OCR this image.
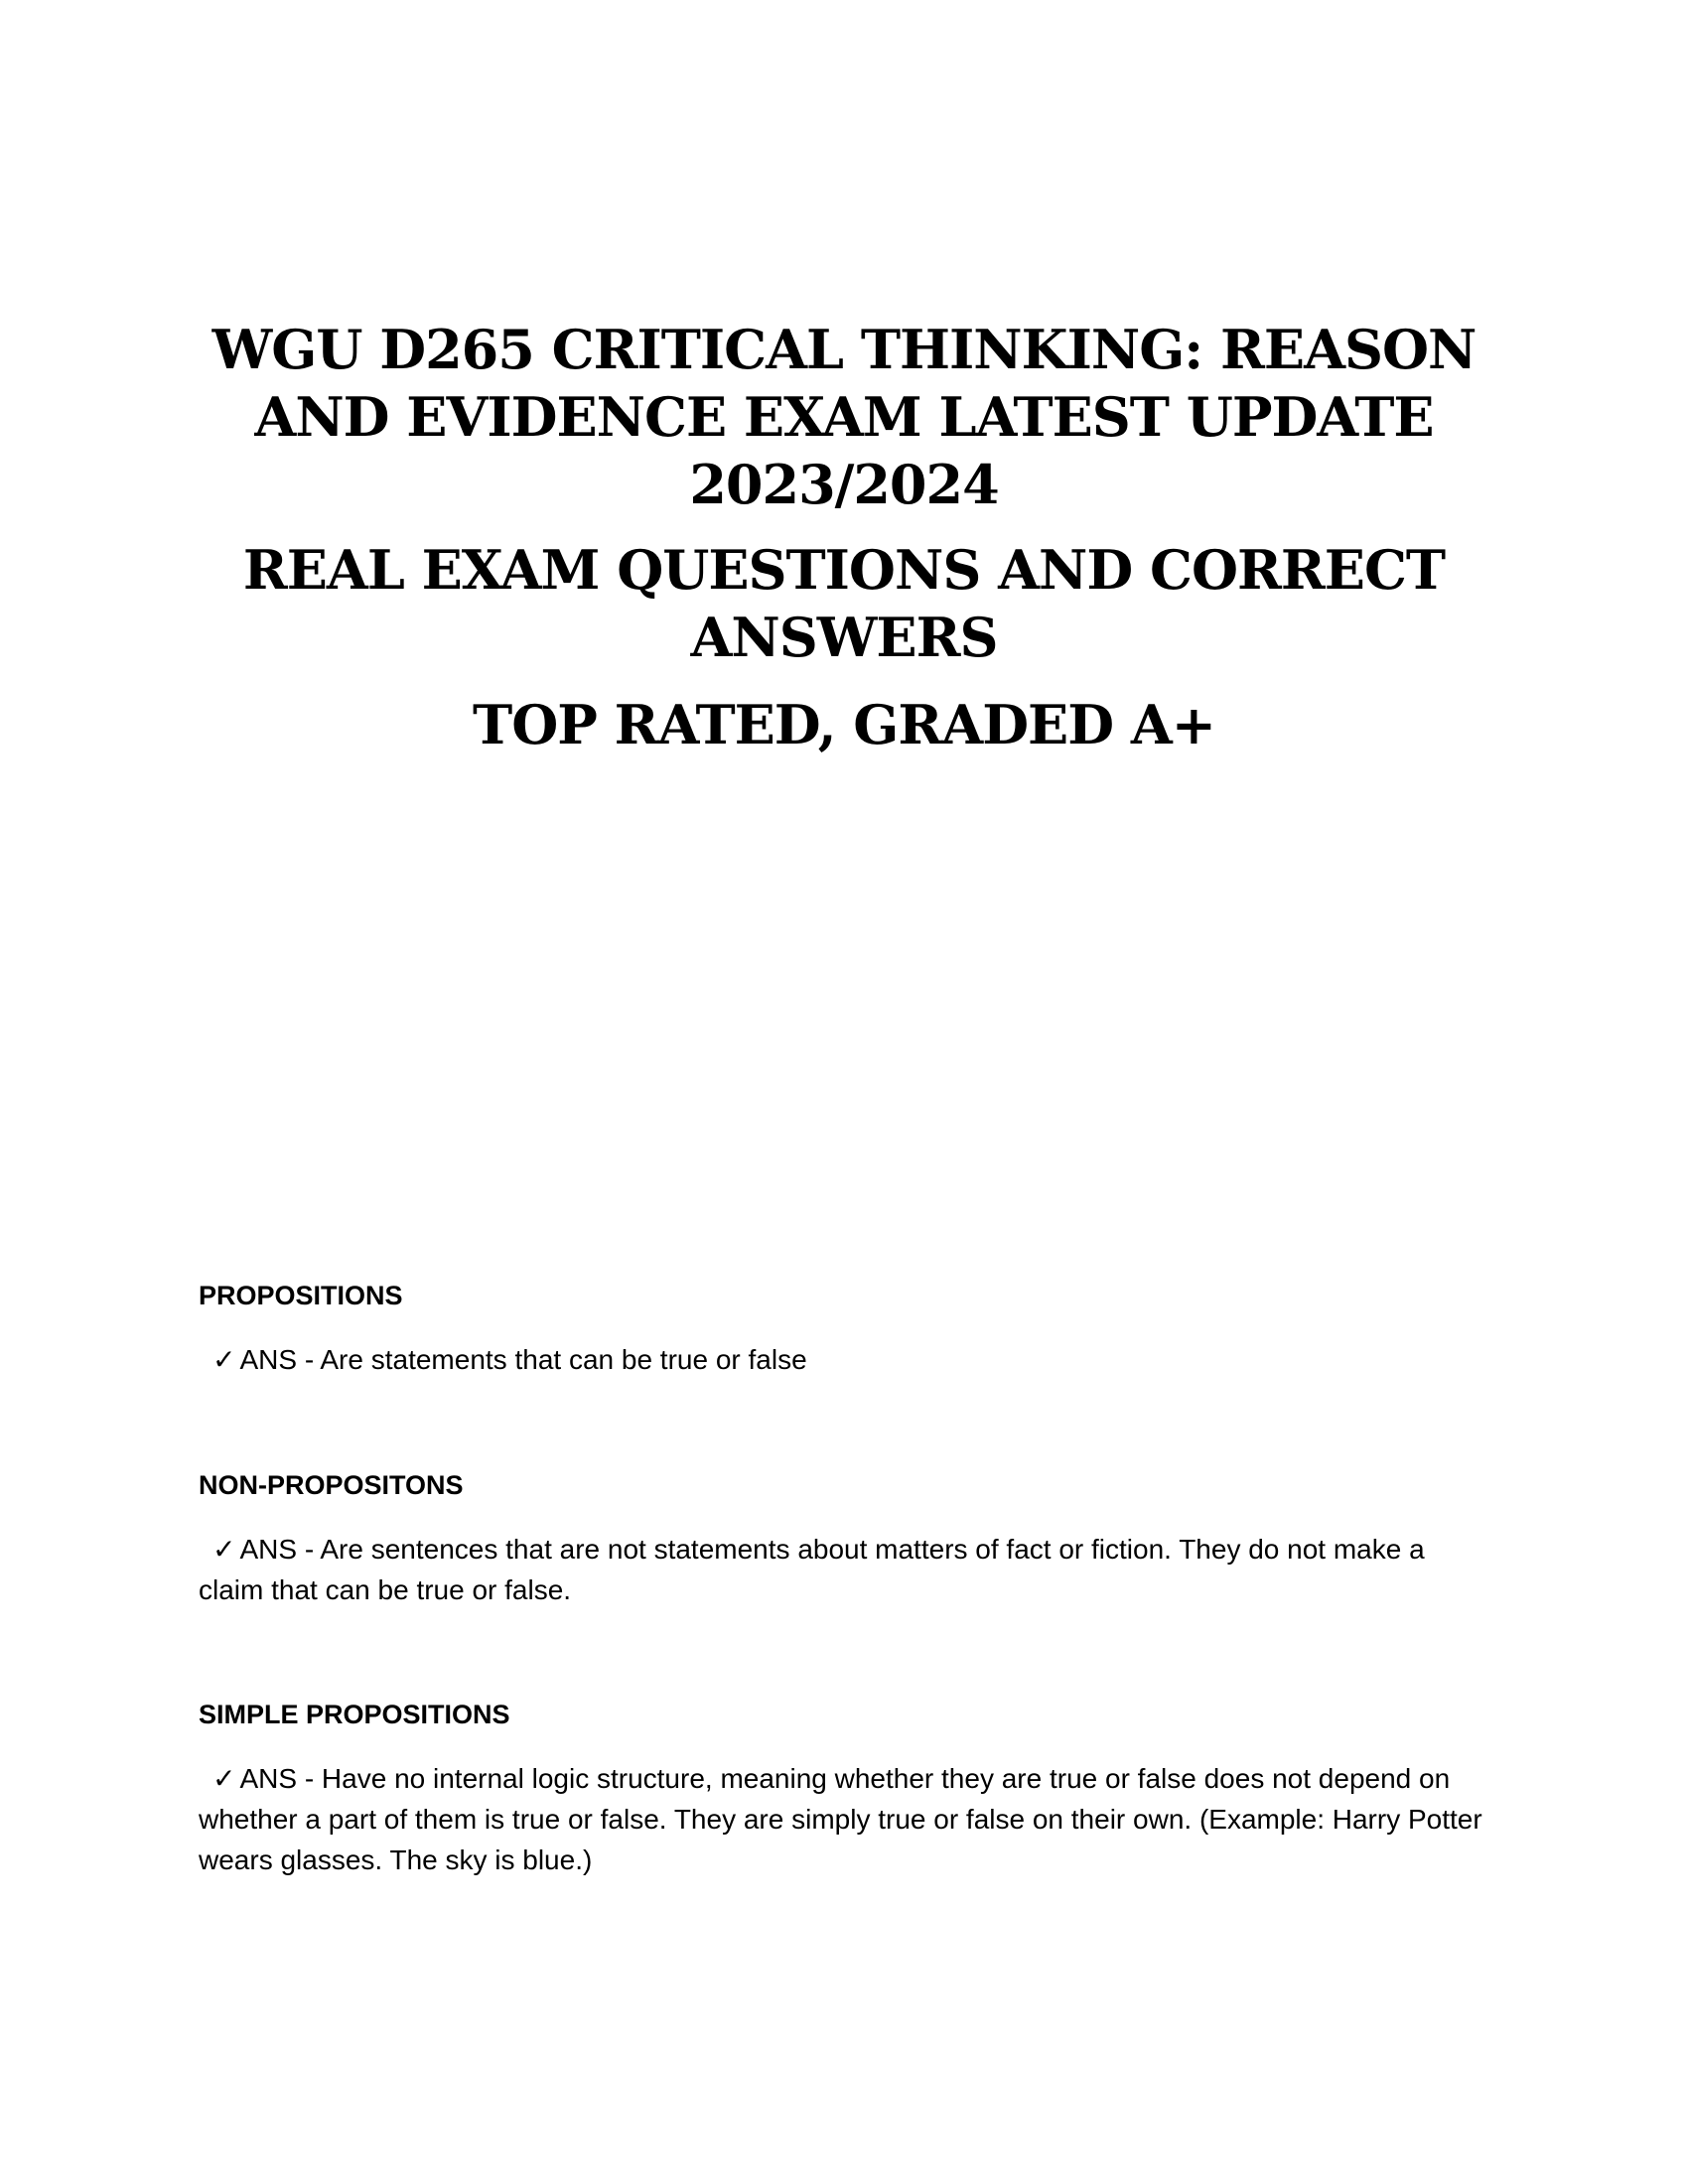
WGU D265 CRITICAL THINKING: REASON AND EVIDENCE EXAM LATEST UPDATE 2023/2024
REAL EXAM QUESTIONS AND CORRECT ANSWERS
TOP RATED, GRADED A+
PROPOSITIONS
✓ ANS - Are statements that can be true or false
NON-PROPOSITONS
✓ ANS - Are sentences that are not statements about matters of fact or fiction. They do not make a claim that can be true or false.
SIMPLE PROPOSITIONS
✓ ANS - Have no internal logic structure, meaning whether they are true or false does not depend on whether a part of them is true or false. They are simply true or false on their own. (Example: Harry Potter wears glasses. The sky is blue.)
